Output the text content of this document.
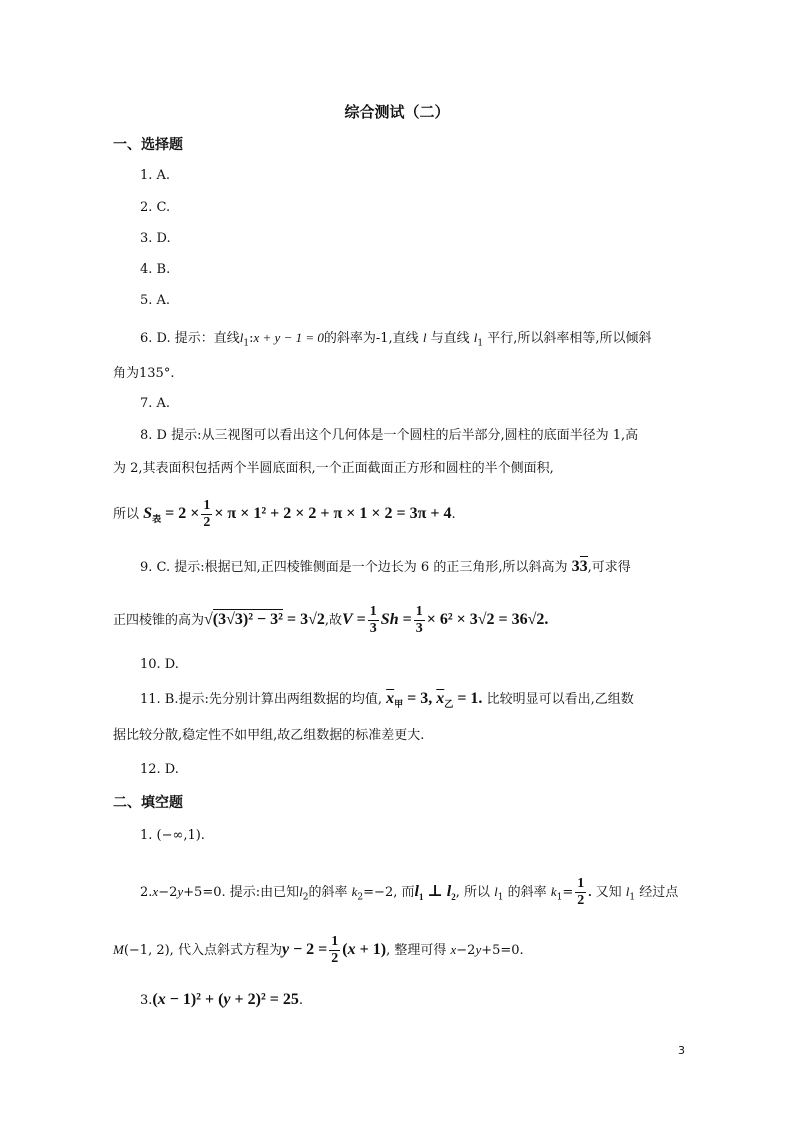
综合测试（二）
一、选择题
1. A.
2. C.
3. D.
4. B.
5. A.
6. D. 提示：直线$l_1:x + y - 1 = 0$的斜率为-1,直线 l 与直线 $l_1$ 平行,所以斜率相等,所以倾斜
角为135°.
7. A.
8. D 提示:从三视图可以看出这个几何体是一个圆柱的后半部分,圆柱的底面半径为 1,高
为 2,其表面积包括两个半圆底面积,一个正面截面正方形和圆柱的半个侧面积,
所以 $S_表 = 2 \times \frac{1}{2} \times \pi \times 1^2 + 2 \times 2 + \pi \times 1 \times 2 = 3\pi + 4$.
9. C. 提示:根据已知,正四棱锥侧面是一个边长为 6 的正三角形,所以斜高为 33,可求得
正四棱锥的高为√(3√3)² − 3² = 3√2,故$V = \frac{1}{3}$ $Sh = \frac{1}{3} \times 6^2 \times 3√2 = 36√2$.
10. D.
11. B.提示:先分别计算出两组数据的均值, $\overline{x}_甲 = 3$, $\overline{x}_乙 = 1$. 比较明显可以看出,乙组数
据比较分散,稳定性不如甲组,故乙组数据的标准差更大.
12. D.
二、填空题
1. (−∞,1).
2.x−2y+5=0. 提示:由已知$l_2$的斜率 $k_2=-2$, 而$l_1$ ⊥ $l_2$, 所以 $l_1$ 的斜率 $k_1= \frac{1}{2}$ . 又知 $l_1$ 经过点
M(−1, 2), 代入点斜式方程为$y - 2 = \frac{1}{2} (x + 1)$, 整理可得 x−2y+5=0.
3.(x − 1)² + (y + 2)² = 25.
3
